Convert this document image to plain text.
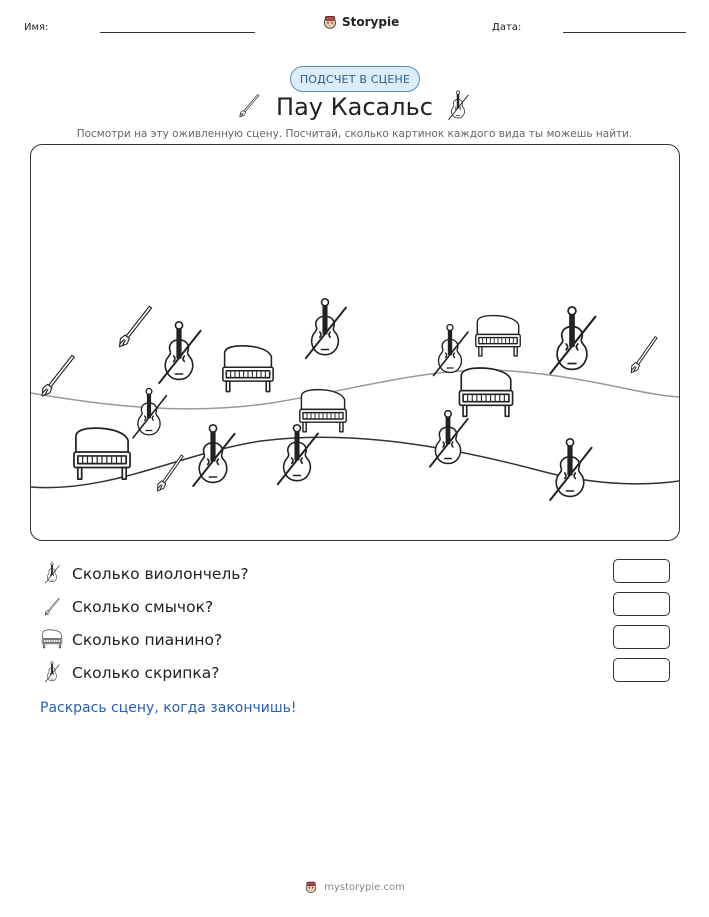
Имя:	Storypie	Дата:
ПОДСЧЕТ В СЦЕНЕ
Пау Касальс
Посмотри на эту оживленную сцену. Посчитай, сколько картинок каждого вида ты можешь найти.
Сколько виолончель?
Сколько смычок?
Сколько пианино?
Сколько скрипка?
Раскрась сцену, когда закончишь!
mystorypie.com
